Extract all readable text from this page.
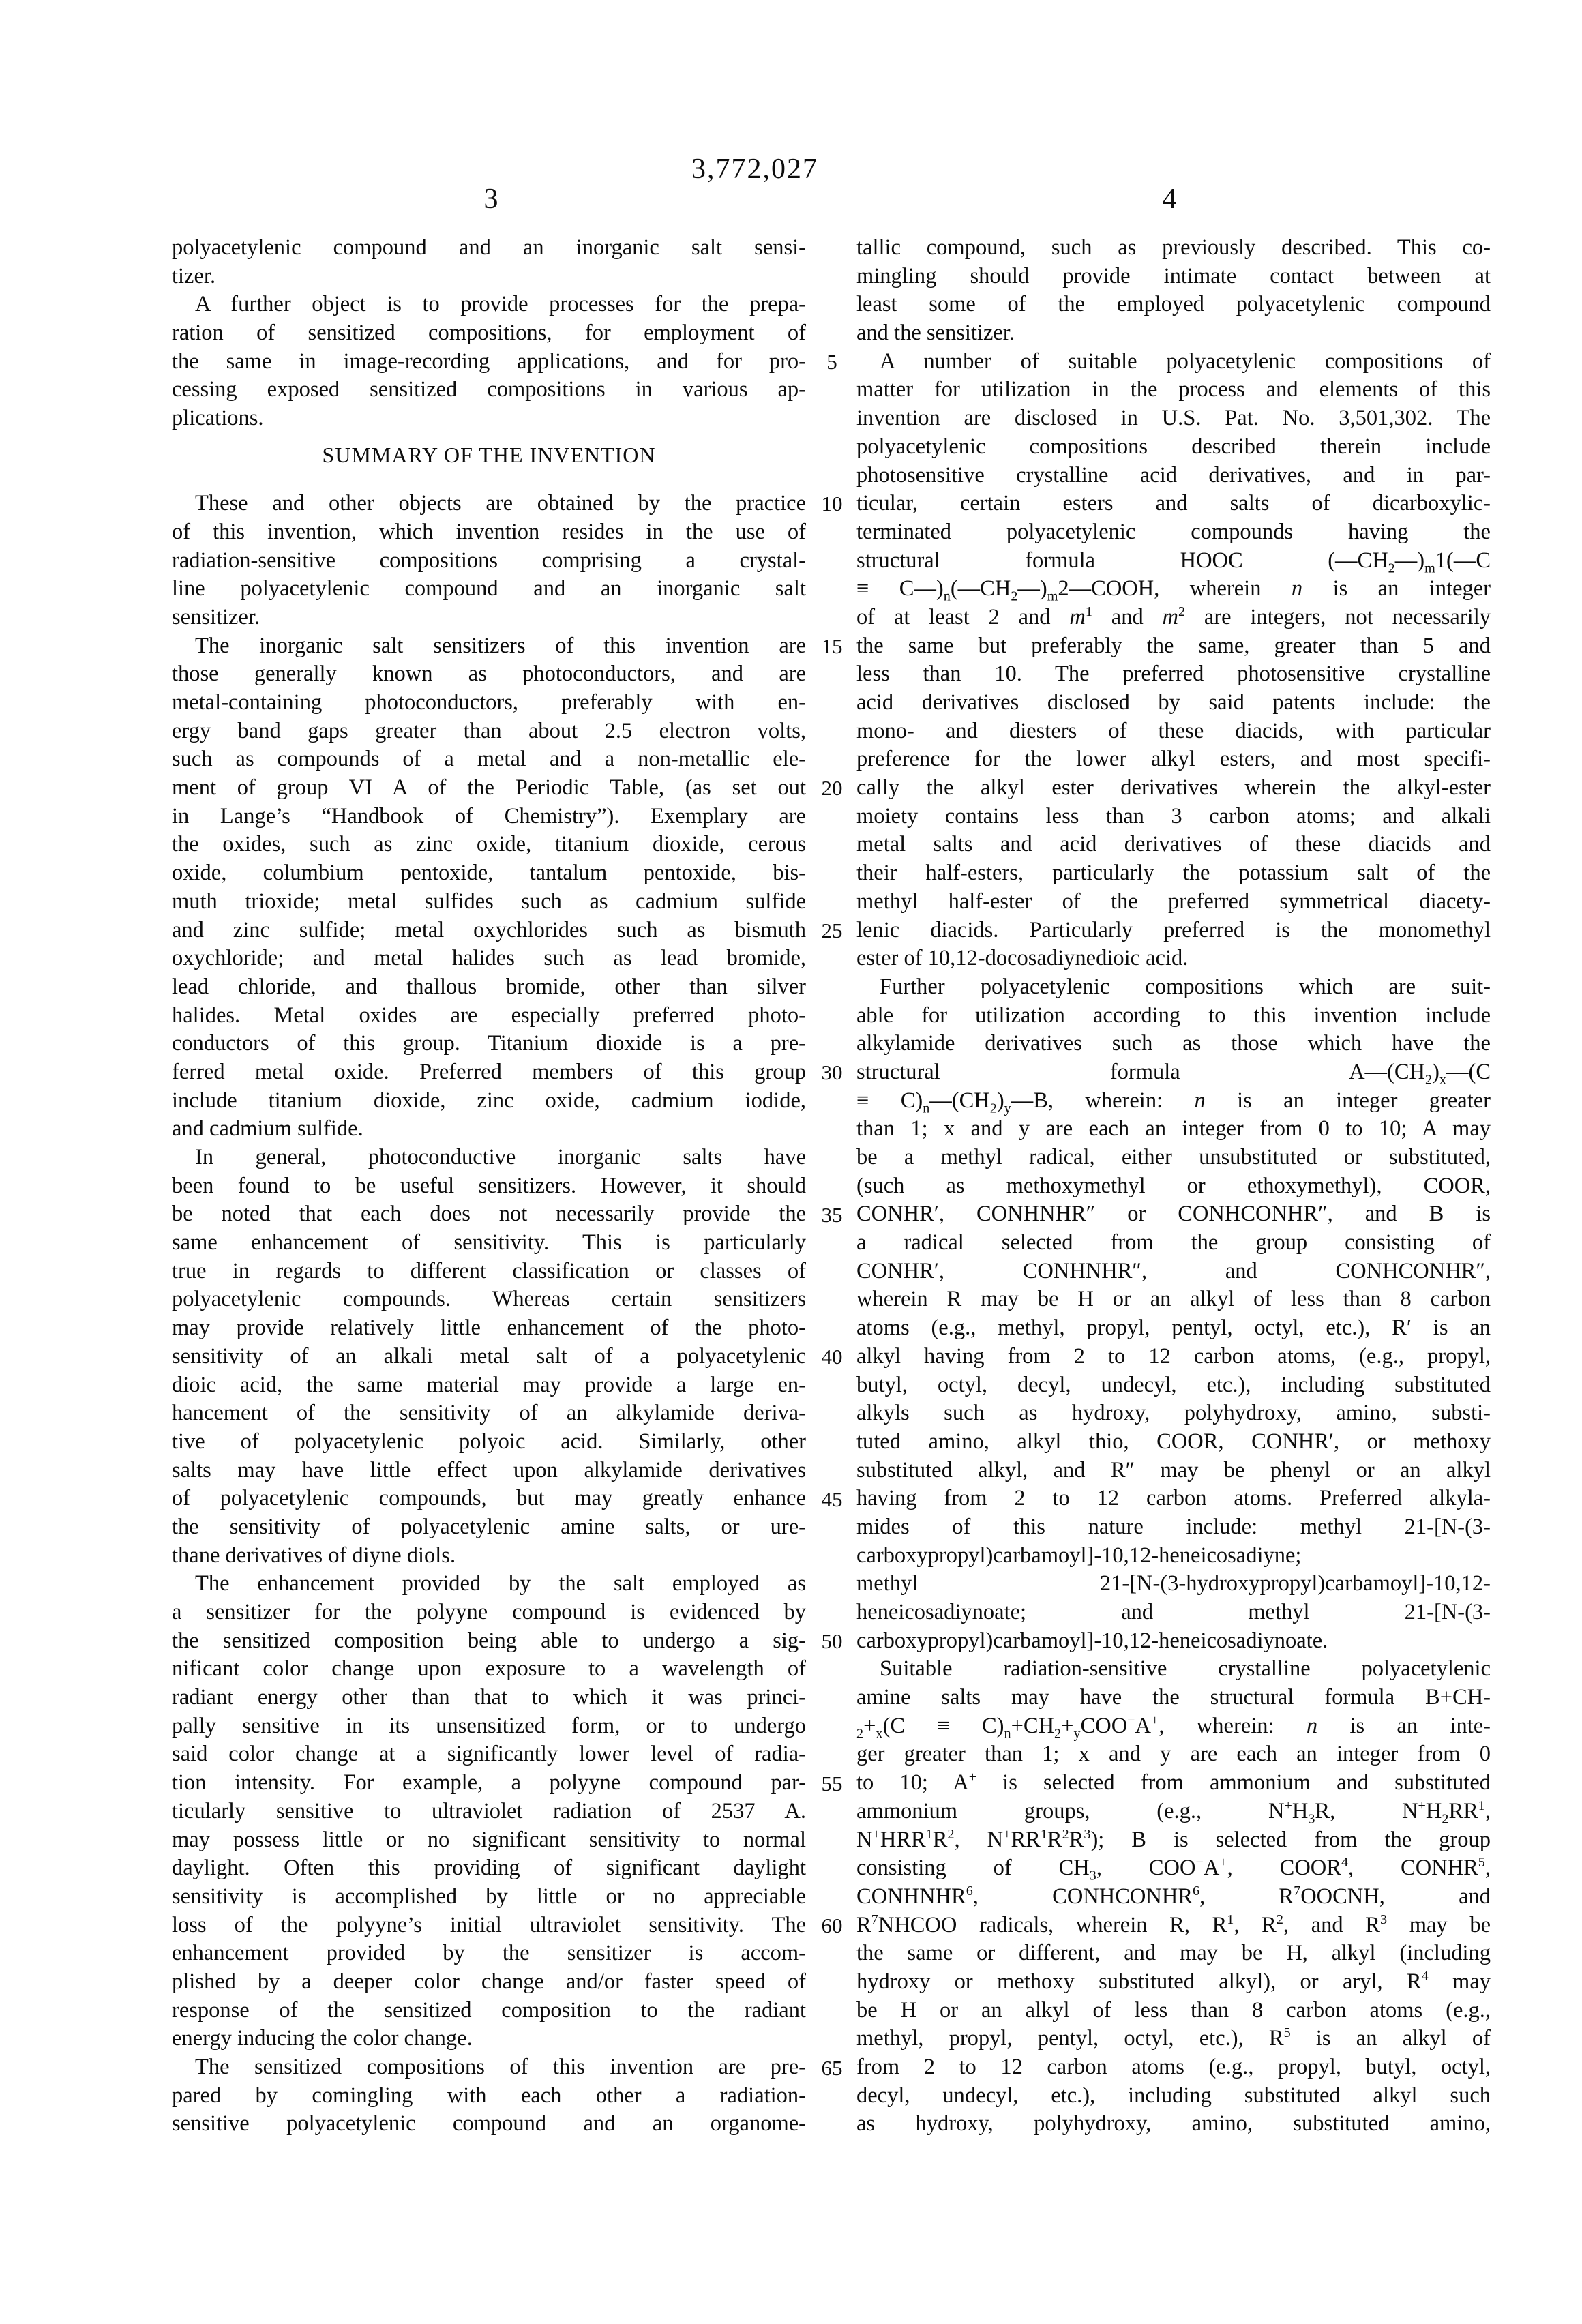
3,772,027
3	4
polyacetylenic compound and an inorganic salt sensi-
tizer.
A further object is to provide processes for the prepa-
ration of sensitized compositions, for employment of
the same in image-recording applications, and for pro-
cessing exposed sensitized compositions in various ap-
plications.
SUMMARY OF THE INVENTION
These and other objects are obtained by the practice
of this invention, which invention resides in the use of
radiation-sensitive compositions comprising a crystal-
line polyacetylenic compound and an inorganic salt
sensitizer.
The inorganic salt sensitizers of this invention are
those generally known as photoconductors, and are
metal-containing photoconductors, preferably with en-
ergy band gaps greater than about 2.5 electron volts,
such as compounds of a metal and a non-metallic ele-
ment of group VI A of the Periodic Table, (as set out
in Lange’s “Handbook of Chemistry”). Exemplary are
the oxides, such as zinc oxide, titanium dioxide, cerous
oxide, columbium pentoxide, tantalum pentoxide, bis-
muth trioxide; metal sulfides such as cadmium sulfide
and zinc sulfide; metal oxychlorides such as bismuth
oxychloride; and metal halides such as lead bromide,
lead chloride, and thallous bromide, other than silver
halides. Metal oxides are especially preferred photo-
conductors of this group. Titanium dioxide is a pre-
ferred metal oxide. Preferred members of this group
include titanium dioxide, zinc oxide, cadmium iodide,
and cadmium sulfide.
In general, photoconductive inorganic salts have
been found to be useful sensitizers. However, it should
be noted that each does not necessarily provide the
same enhancement of sensitivity. This is particularly
true in regards to different classification or classes of
polyacetylenic compounds. Whereas certain sensitizers
may provide relatively little enhancement of the photo-
sensitivity of an alkali metal salt of a polyacetylenic
dioic acid, the same material may provide a large en-
hancement of the sensitivity of an alkylamide deriva-
tive of polyacetylenic polyoic acid. Similarly, other
salts may have little effect upon alkylamide derivatives
of polyacetylenic compounds, but may greatly enhance
the sensitivity of polyacetylenic amine salts, or ure-
thane derivatives of diyne diols.
The enhancement provided by the salt employed as
a sensitizer for the polyyne compound is evidenced by
the sensitized composition being able to undergo a sig-
nificant color change upon exposure to a wavelength of
radiant energy other than that to which it was princi-
pally sensitive in its unsensitized form, or to undergo
said color change at a significantly lower level of radia-
tion intensity. For example, a polyyne compound par-
ticularly sensitive to ultraviolet radiation of 2537 A.
may possess little or no significant sensitivity to normal
daylight. Often this providing of significant daylight
sensitivity is accomplished by little or no appreciable
loss of the polyyne’s initial ultraviolet sensitivity. The
enhancement provided by the sensitizer is accom-
plished by a deeper color change and/or faster speed of
response of the sensitized composition to the radiant
energy inducing the color change.
The sensitized compositions of this invention are pre-
pared by comingling with each other a radiation-
sensitive polyacetylenic compound and an organome-
tallic compound, such as previously described. This co-
mingling should provide intimate contact between at
least some of the employed polyacetylenic compound
and the sensitizer.
A number of suitable polyacetylenic compositions of
matter for utilization in the process and elements of this
invention are disclosed in U.S. Pat. No. 3,501,302. The
polyacetylenic compositions described therein include
photosensitive crystalline acid derivatives, and in par-
ticular, certain esters and salts of dicarboxylic-
terminated polyacetylenic compounds having the
structural formula HOOC $(—CH_2—)_m1(—C$
≡ $C—)_n(—CH_2—)_m2—COOH$, wherein n is an integer
of at least 2 and $m^1$ and $m^2$ are integers, not necessarily
the same but preferably the same, greater than 5 and
less than 10. The preferred photosensitive crystalline
acid derivatives disclosed by said patents include: the
mono- and diesters of these diacids, with particular
preference for the lower alkyl esters, and most specifi-
cally the alkyl ester derivatives wherein the alkyl-ester
moiety contains less than 3 carbon atoms; and alkali
metal salts and acid derivatives of these diacids and
their half-esters, particularly the potassium salt of the
methyl half-ester of the preferred symmetrical diacety-
lenic diacids. Particularly preferred is the monomethyl
ester of 10,12-docosadiynedioic acid.
Further polyacetylenic compositions which are suit-
able for utilization according to this invention include
alkylamide derivatives such as those which have the
structural formula $A—(CH_2)_x—(C$
≡ $C)_n—(CH_2)_y—B$, wherein: n is an integer greater
than 1; x and y are each an integer from 0 to 10; A may
be a methyl radical, either unsubstituted or substituted,
(such as methoxymethyl or ethoxymethyl), COOR,
CONHR′, CONHNHR″ or CONHCONHR″, and B is
a radical selected from the group consisting of
CONHR′, CONHNHR″, and CONHCONHR″,
wherein R may be H or an alkyl of less than 8 carbon
atoms (e.g., methyl, propyl, pentyl, octyl, etc.), R′ is an
alkyl having from 2 to 12 carbon atoms, (e.g., propyl,
butyl, octyl, decyl, undecyl, etc.), including substituted
alkyls such as hydroxy, polyhydroxy, amino, substi-
tuted amino, alkyl thio, COOR, CONHR′, or methoxy
substituted alkyl, and R″ may be phenyl or an alkyl
having from 2 to 12 carbon atoms. Preferred alkyla-
mides of this nature include: methyl 21-[N-(3-
carboxypropyl)carbamoyl]-10,12-heneicosadiyne;
methyl 21-[N-(3-hydroxypropyl)carbamoyl]-10,12-
heneicosadiynoate; and methyl 21-[N-(3-
carboxypropyl)carbamoyl]-10,12-heneicosadiynoate.
Suitable radiation-sensitive crystalline polyacetylenic
amine salts may have the structural formula B+CH-
$_2+_x(C \equiv C)_n+CH_2+_yCOO^-A^+$, wherein: n is an inte-
ger greater than 1; x and y are each an integer from 0
to 10; A+ is selected from ammonium and substituted
ammonium groups, (e.g., $N^+H_3R$, $N^+H_2RR^1$,
$N^+HRR^1R^2$, $N^+RR^1R^2R^3$); B is selected from the group
consisting of $CH_3$, COO−A+, COOR$^4$, CONHR$^5$,
CONHNHR$^6$, CONHCONHR$^6$, $R^7OOCNH$, and
$R^7NHCOO$ radicals, wherein R, $R^1$, $R^2$, and $R^3$ may be
the same or different, and may be H, alkyl (including
hydroxy or methoxy substituted alkyl), or aryl, $R^4$ may
be H or an alkyl of less than 8 carbon atoms (e.g.,
methyl, propyl, pentyl, octyl, etc.), $R^5$ is an alkyl of
from 2 to 12 carbon atoms (e.g., propyl, butyl, octyl,
decyl, undecyl, etc.), including substituted alkyl such
as hydroxy, polyhydroxy, amino, substituted amino,
5
10
15
20
25
30
35
40
45
50
55
60
65
